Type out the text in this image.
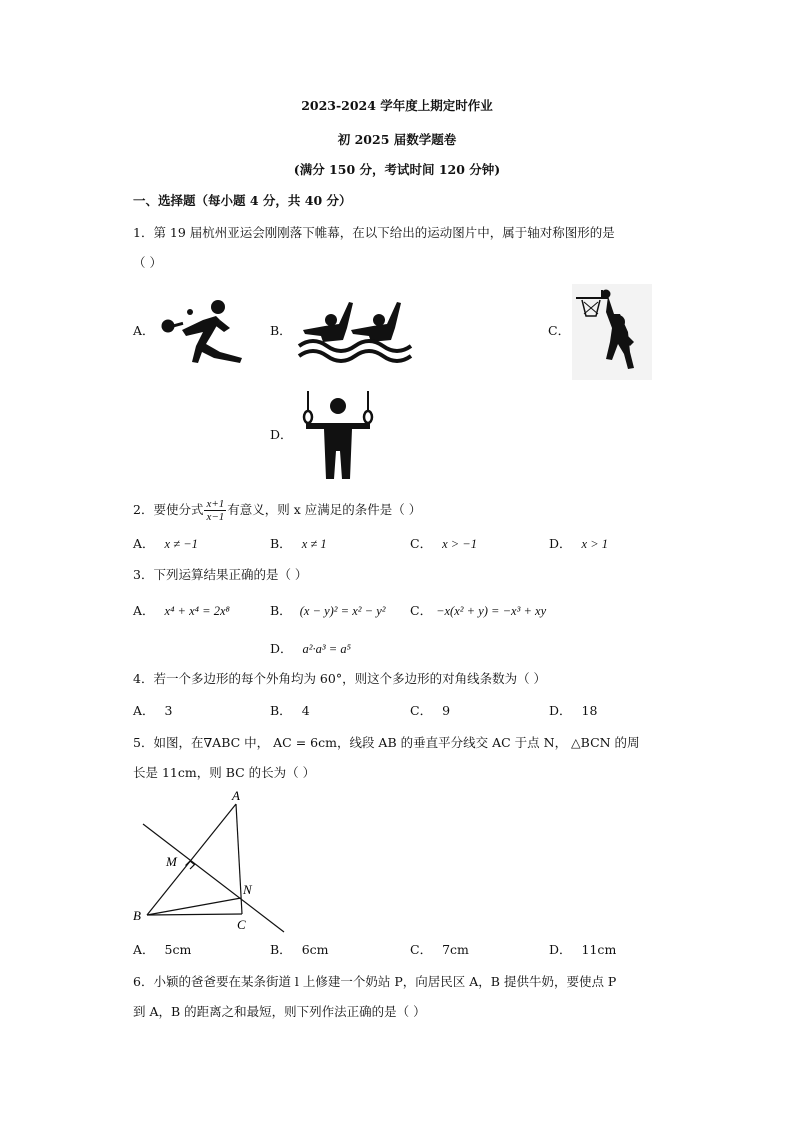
2023-2024 学年度上期定时作业
初 2025 届数学题卷
(满分 150 分，考试时间 120 分钟)
一、选择题（每小题 4 分，共 40 分）
1．第 19 届杭州亚运会刚刚落下帷幕，在以下给出的运动图片中，属于轴对称图形的是
（ ）
A．	B．	C．
D．
2．要使分式 $\frac{x+1}{x-1}$ 有意义，则 x 应满足的条件是（ ）
A． x ≠ −1	B． x ≠ 1	C． x > −1	D． x > 1
3．下列运算结果正确的是（ ）
A． x⁴ + x⁴ = 2x⁸	B． (x − y)² = x² − y² C． −x(x² + y) = −x³ + xy
D． a²·a³ = a⁵
4．若一个多边形的每个外角均为 60°，则这个多边形的对角线条数为（ ）
A． 3	B． 4	C． 9	D． 18
5．如图，在∇ABC 中， AC = 6cm，线段 AB 的垂直平分线交 AC 于点 N， △BCN 的周
长是 11cm，则 BC 的长为（ ）
A
M
N
B
C
A． 5cm	B． 6cm	C． 7cm	D． 11cm
6．小颖的爸爸要在某条街道 l 上修建一个奶站 P，向居民区 A，B 提供牛奶，要使点 P
到 A，B 的距离之和最短，则下列作法正确的是（ ）
